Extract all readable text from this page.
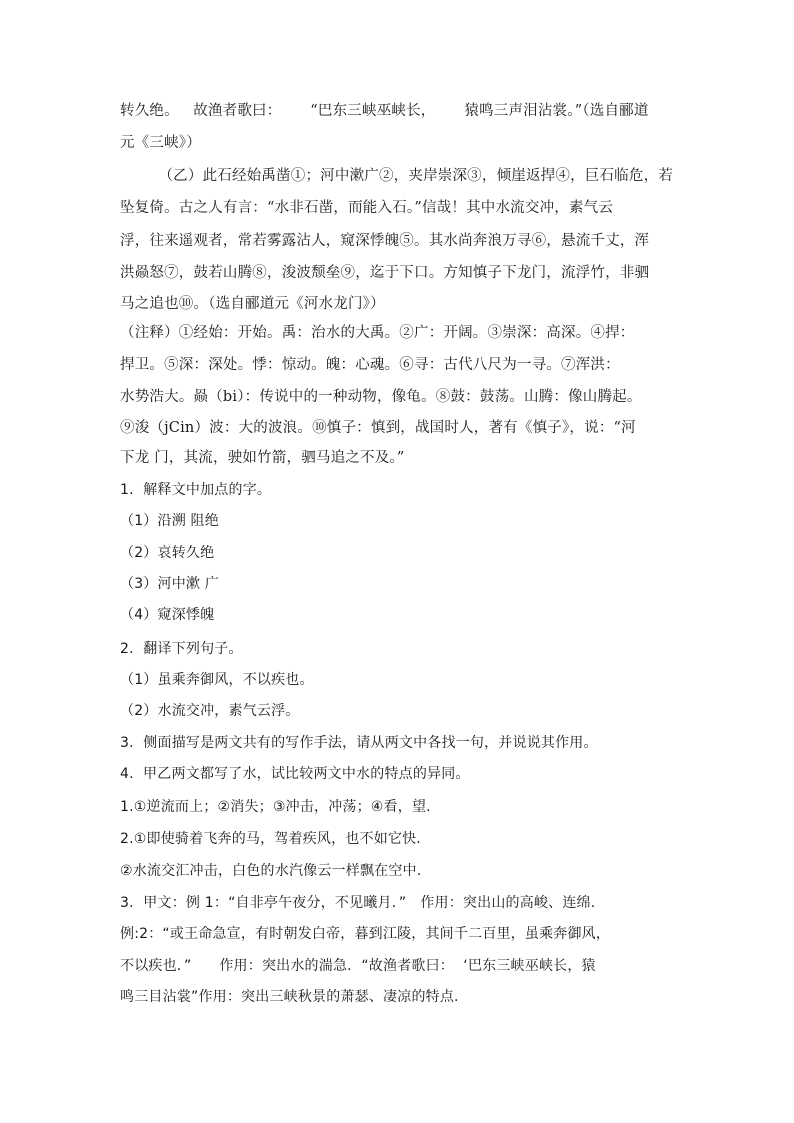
转久绝。   故渔者歌曰：      “巴东三峡巫峡长，      猿鸣三声泪沾裳。”（选自郦道
元《三峡》）
（乙）此石经始禹凿①；河中漱广②，夹岸崇深③，倾崖返捍④，巨石临危，若
坠复倚。古之人有言：“水非石凿，而能入石。”信哉！其中水流交冲，素气云
浮，往来遥观者，常若雾露沾人，窥深悸魄⑤。其水尚奔浪万寻⑥，悬流千丈，浑
洪赑怒⑦，鼓若山腾⑧，浚波颓垒⑨，迄于下口。方知慎子下龙门，流浮竹，非驷
马之追也⑩。（选自郦道元《河水龙门》）
（注释）①经始：开始。禹：治水的大禹。②广：开阔。③崇深：高深。④捍：
捍卫。⑤深：深处。悸：惊动。魄：心魂。⑥寻：古代八尺为一寻。⑦浑洪：
水势浩大。赑（bi）：传说中的一种动物，像龟。⑧鼓：鼓荡。山腾：像山腾起。
⑨浚（jCin）波：大的波浪。⑩慎子：慎到，战国时人，著有《慎子》，说：“河
下龙 门，其流，驶如竹箭，驷马追之不及。”
1．解释文中加点的字。
（1）沿溯 阻绝
（2）哀转久绝
（3）河中漱 广
（4）窥深悸魄
2．翻译下列句子。
（1）虽乘奔御风，不以疾也。
（2）水流交冲，素气云浮。
3．侧面描写是两文共有的写作手法，请从两文中各找一句，并说说其作用。
4.  甲乙两文都写了水，试比较两文中水的特点的异同。
1.①逆流而上；②消失；③冲击，冲荡；④看，望.
2.①即使骑着飞奔的马，驾着疾风，也不如它快.
②水流交汇冲击，白色的水汽像云一样飘在空中.
3．甲文：例 1：“自非亭午夜分，不见曦月．”   作用：突出山的高峻、连绵.
例:2：“或王命急宣，有时朝发白帝，暮到江陵，其间千二百里，虽乘奔御风，
不以疾也．”      作用：突出水的湍急．“故渔者歌曰：  ‘巴东三峡巫峡长，猿
鸣三目沾裳”作用：突出三峡秋景的萧瑟、凄凉的特点.
